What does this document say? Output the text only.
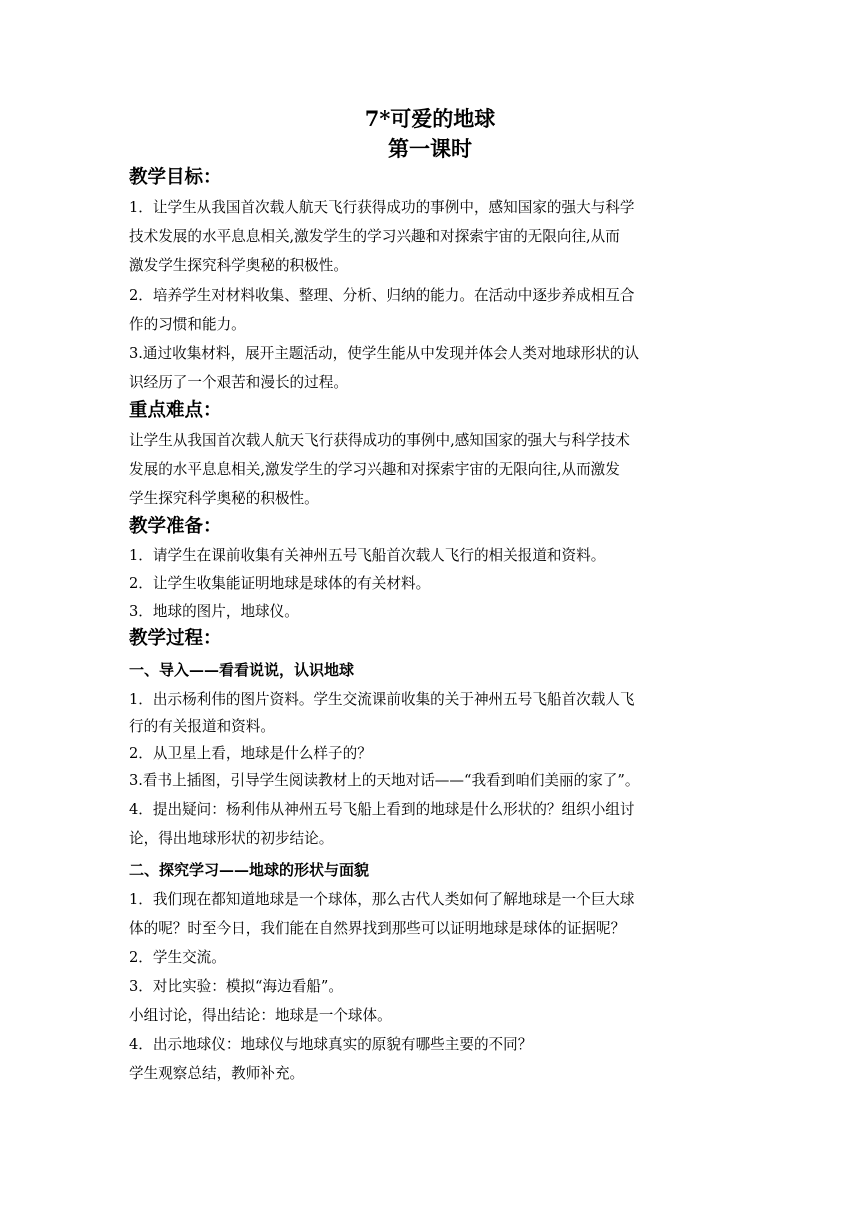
7*可爱的地球
第一课时
教学目标：
1．让学生从我国首次载人航天飞行获得成功的事例中，感知国家的强大与科学
技术发展的水平息息相关,激发学生的学习兴趣和对探索宇宙的无限向往,从而
激发学生探究科学奥秘的积极性。
2．培养学生对材料收集、整理、分析、归纳的能力。在活动中逐步养成相互合
作的习惯和能力。
3.通过收集材料，展开主题活动，使学生能从中发现并体会人类对地球形状的认
识经历了一个艰苦和漫长的过程。
重点难点：
让学生从我国首次载人航天飞行获得成功的事例中,感知国家的强大与科学技术
发展的水平息息相关,激发学生的学习兴趣和对探索宇宙的无限向往,从而激发
学生探究科学奥秘的积极性。
教学准备：
1．请学生在课前收集有关神州五号飞船首次载人飞行的相关报道和资料。
2．让学生收集能证明地球是球体的有关材料。
3．地球的图片，地球仪。
教学过程：
一、导入——看看说说，认识地球
1．出示杨利伟的图片资料。学生交流课前收集的关于神州五号飞船首次载人飞
行的有关报道和资料。
2．从卫星上看，地球是什么样子的？
3.看书上插图，引导学生阅读教材上的天地对话——“我看到咱们美丽的家了”。
4．提出疑问：杨利伟从神州五号飞船上看到的地球是什么形状的？组织小组讨
论，得出地球形状的初步结论。
二、探究学习——地球的形状与面貌
1．我们现在都知道地球是一个球体，那么古代人类如何了解地球是一个巨大球
体的呢？时至今日，我们能在自然界找到那些可以证明地球是球体的证据呢？
2．学生交流。
3．对比实验：模拟“海边看船”。
小组讨论，得出结论：地球是一个球体。
4．出示地球仪：地球仪与地球真实的原貌有哪些主要的不同？
学生观察总结，教师补充。
